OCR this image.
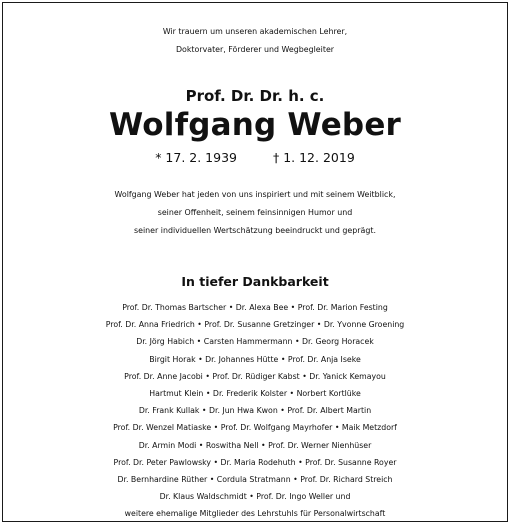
Wir trauern um unseren akademischen Lehrer,
Doktorvater, Förderer und Wegbegleiter
Prof. Dr. Dr. h. c.
Wolfgang Weber
* 17. 2. 1939	† 1. 12. 2019
Wolfgang Weber hat jeden von uns inspiriert und mit seinem Weitblick,
seiner Offenheit, seinem feinsinnigen Humor und
seiner individuellen Wertschätzung beeindruckt und geprägt.
In tiefer Dankbarkeit
Prof. Dr. Thomas Bartscher • Dr. Alexa Bee • Prof. Dr. Marion Festing
Prof. Dr. Anna Friedrich • Prof. Dr. Susanne Gretzinger • Dr. Yvonne Groening
Dr. Jörg Habich • Carsten Hammermann • Dr. Georg Horacek
Birgit Horak • Dr. Johannes Hütte • Prof. Dr. Anja Iseke
Prof. Dr. Anne Jacobi • Prof. Dr. Rüdiger Kabst • Dr. Yanick Kemayou
Hartmut Klein • Dr. Frederik Kolster • Norbert Kortlüke
Dr. Frank Kullak • Dr. Jun Hwa Kwon • Prof. Dr. Albert Martin
Prof. Dr. Wenzel Matiaske • Prof. Dr. Wolfgang Mayrhofer • Maik Metzdorf
Dr. Armin Modi • Roswitha Nell • Prof. Dr. Werner Nienhüser
Prof. Dr. Peter Pawlowsky • Dr. Maria Rodehuth • Prof. Dr. Susanne Royer
Dr. Bernhardine Rüther • Cordula Stratmann • Prof. Dr. Richard Streich
Dr. Klaus Waldschmidt • Prof. Dr. Ingo Weller und
weitere ehemalige Mitglieder des Lehrstuhls für Personalwirtschaft
